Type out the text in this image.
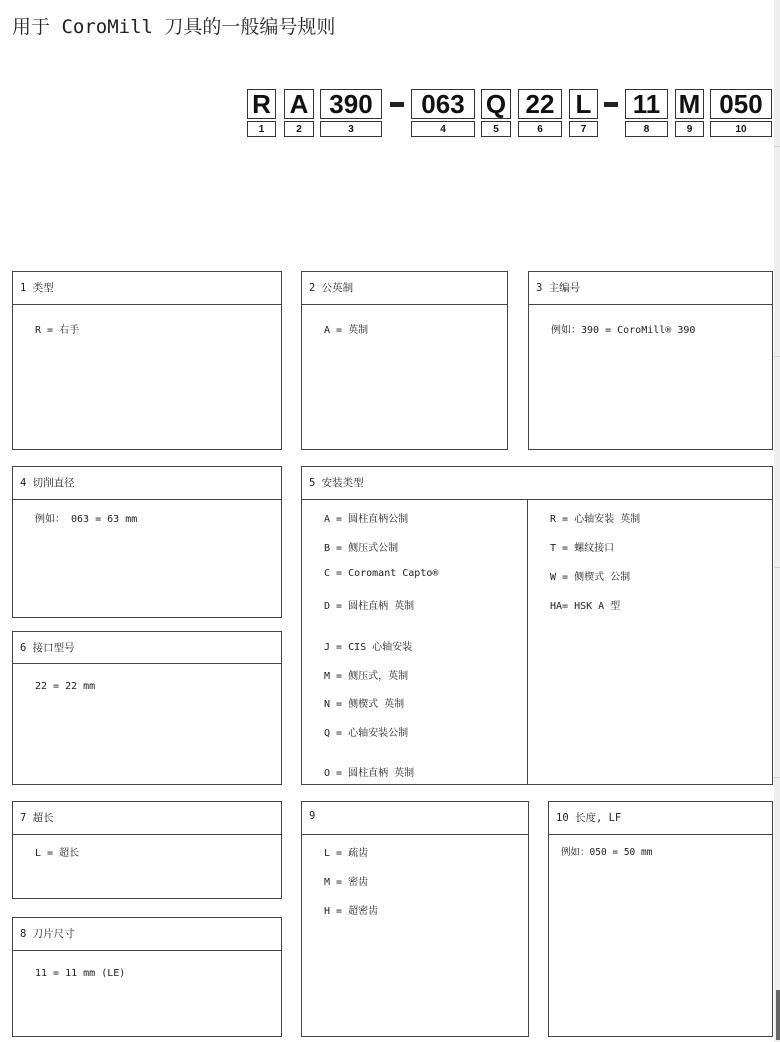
用于 CoroMill 刀具的一般编号规则
R
1
A
2
390
3
063
4
Q
5
22
6
L
7
11
8
M
9
050
10
1 类型
R = 右手
2 公英制
A = 英制
3 主编号
例如：390 = CoroMill® 390
4 切削直径
例如： 063 = 63 mm
5 安装类型
A = 圆柱直柄公制
B = 侧压式公制
C = Coromant Capto®
D = 圆柱直柄 英制
J = CIS 心轴安装
M = 侧压式，英制
N = 侧楔式 英制
Q = 心轴安装公制
O = 圆柱直柄 英制
R = 心轴安装 英制
T = 螺纹接口
W = 侧楔式 公制
HA= HSK A 型
6 接口型号
22 = 22 mm
7 超长
L = 超长
8 刀片尺寸
11 = 11 mm (LE)
9
L = 疏齿
M = 密齿
H = 超密齿
10 长度, LF
例如：050 = 50 mm
